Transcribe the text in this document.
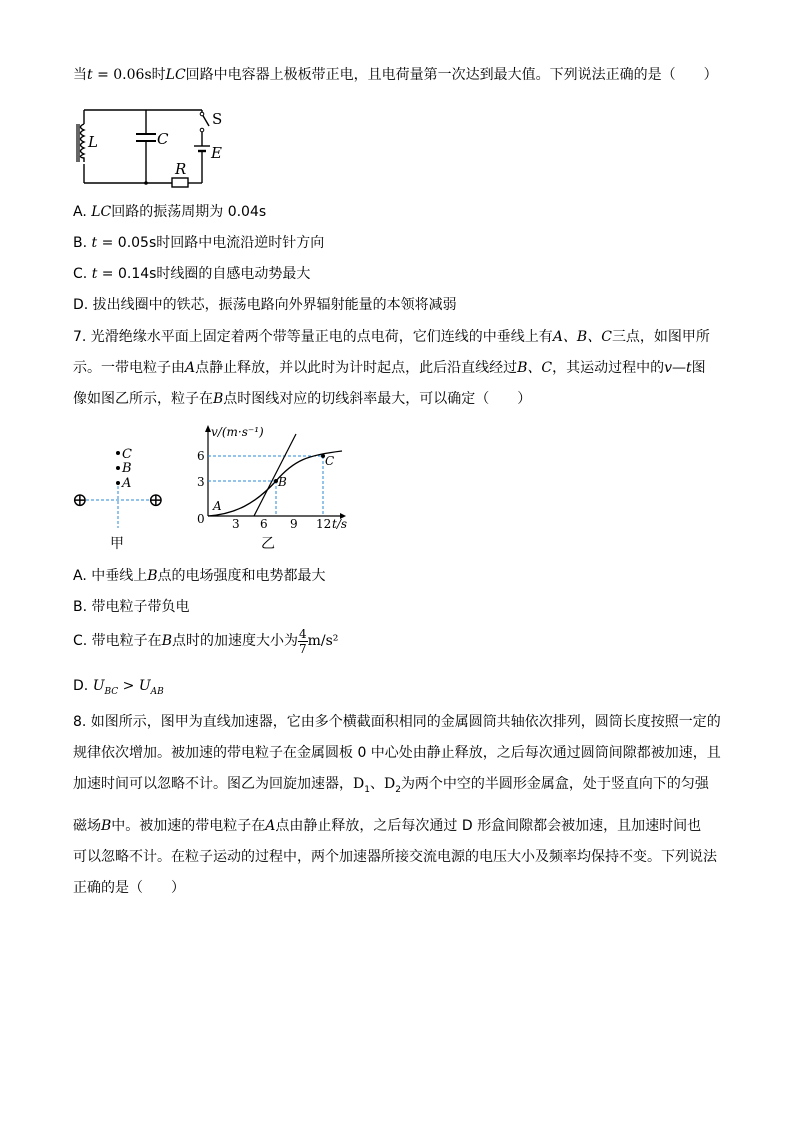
当t = 0.06s时LC回路中电容器上极板带正电，且电荷量第一次达到最大值。下列说法正确的是（　　）
L	C
S
E
R
A. LC回路的振荡周期为 0.04s
B. t = 0.05s时回路中电流沿逆时针方向
C. t = 0.14s时线圈的自感电动势最大
D. 拔出线圈中的铁芯，振荡电路向外界辐射能量的本领将减弱
7. 光滑绝缘水平面上固定着两个带等量正电的点电荷，它们连线的中垂线上有A、B、C三点，如图甲所
示。一带电粒子由A点静止释放，并以此时为计时起点，此后沿直线经过B、C，其运动过程中的v—t图
像如图乙所示，粒子在B点时图线对应的切线斜率最大，可以确定（　　）
⊕	⊕
C
B
A
甲
v/(m·s⁻¹)
t/s
6
3
0 3 6 9 12
A
B
C
乙
A. 中垂线上B点的电场强度和电势都最大
B. 带电粒子带负电
C. 带电粒子在B点时的加速度大小为 $\frac{4}{7} m/s^2$
D. $U_{BC} > U_{AB}$
8. 如图所示，图甲为直线加速器，它由多个横截面积相同的金属圆筒共轴依次排列，圆筒长度按照一定的
规律依次增加。被加速的带电粒子在金属圆板 0 中心处由静止释放，之后每次通过圆筒间隙都被加速，且
加速时间可以忽略不计。图乙为回旋加速器，$D_1$、$D_2$为两个中空的半圆形金属盒，处于竖直向下的匀强
磁场B中。被加速的带电粒子在A点由静止释放，之后每次通过 D 形盒间隙都会被加速，且加速时间也
可以忽略不计。在粒子运动的过程中，两个加速器所接交流电源的电压大小及频率均保持不变。下列说法
正确的是（　　）
